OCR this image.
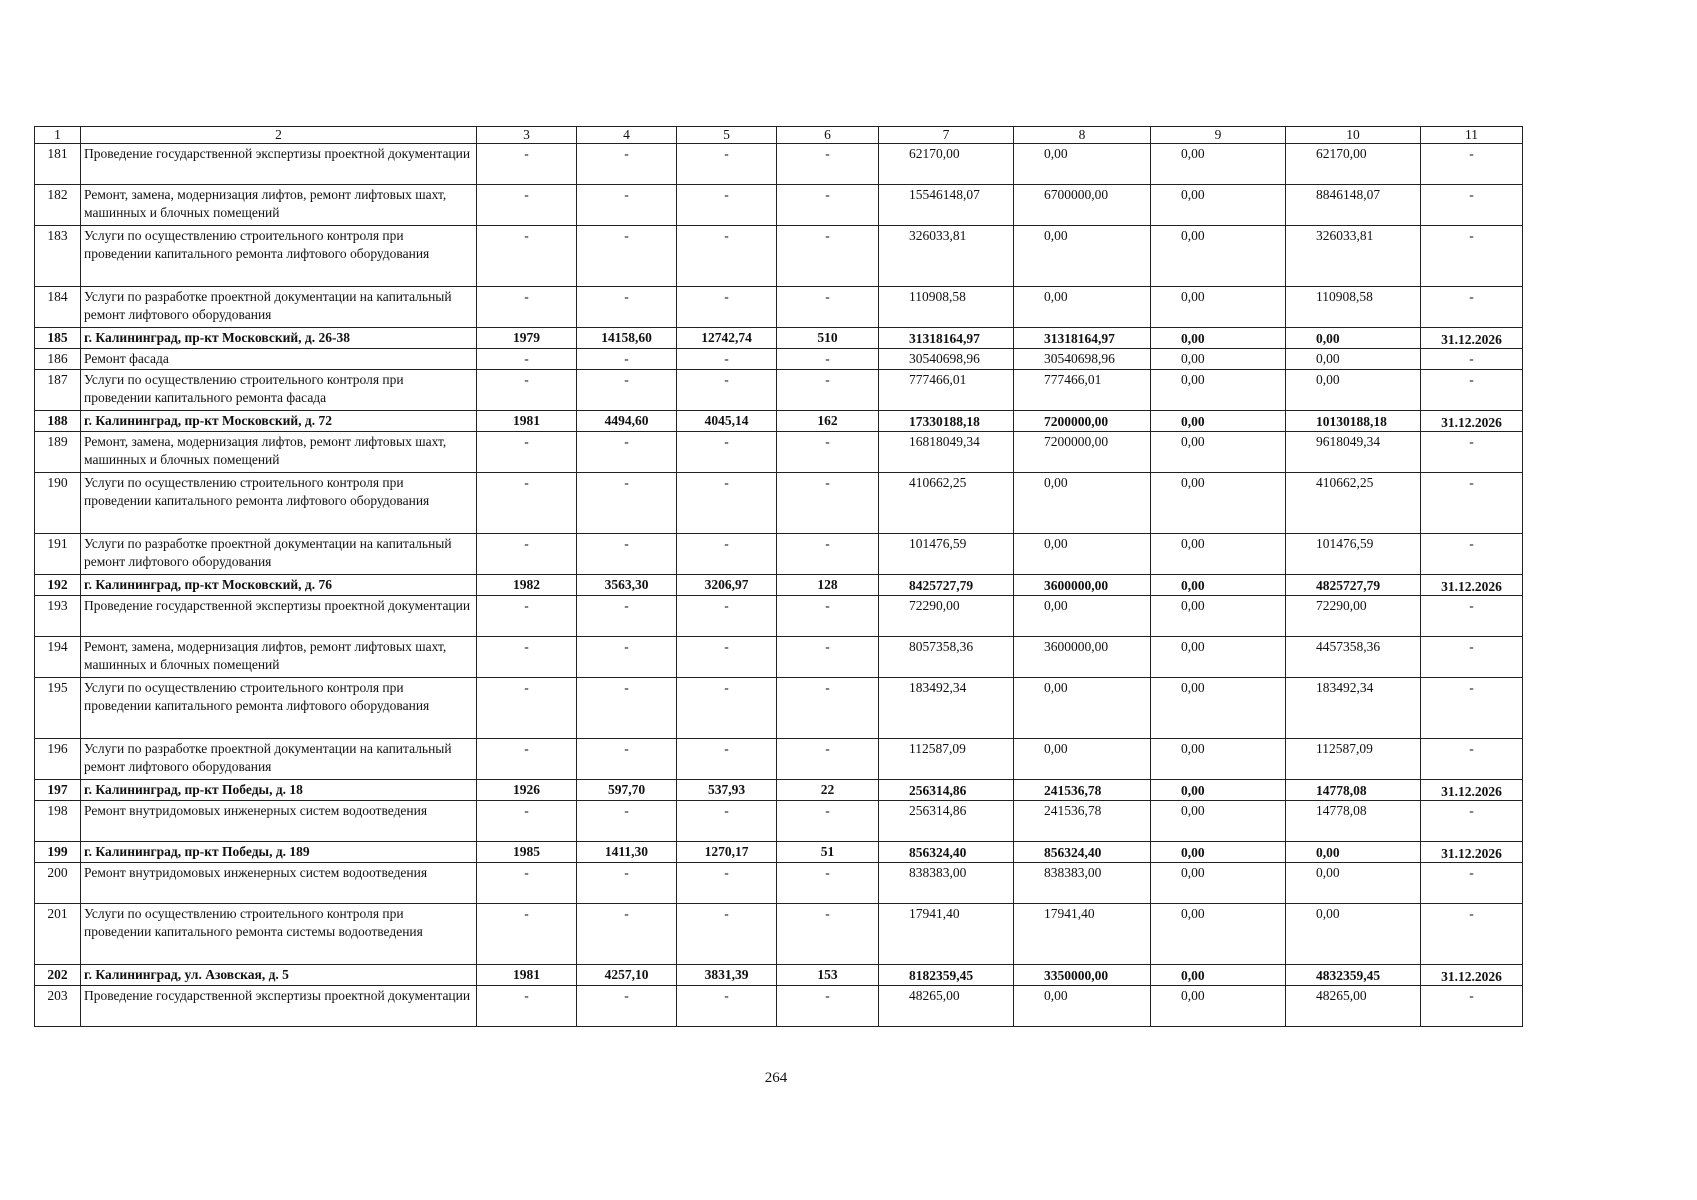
1	2	3	4	5	6	7	8	9	10	11
181	Проведение государственной экспертизы проектной документации	-	-	-	-	62170,00	0,00	0,00	62170,00	-
182	Ремонт, замена, модернизация лифтов, ремонт лифтовых шахт, машинных и блочных помещений	-	-	-	-	15546148,07	6700000,00	0,00	8846148,07	-
183	Услуги по осуществлению строительного контроля при проведении капитального ремонта лифтового оборудования	-	-	-	-	326033,81	0,00	0,00	326033,81	-
184	Услуги по разработке проектной документации на капитальный ремонт лифтового оборудования	-	-	-	-	110908,58	0,00	0,00	110908,58	-
185	г. Калининград, пр-кт Московский, д. 26-38	1979	14158,60	12742,74	510	31318164,97	31318164,97	0,00	0,00	31.12.2026
186	Ремонт фасада	-	-	-	-	30540698,96	30540698,96	0,00	0,00	-
187	Услуги по осуществлению строительного контроля при проведении капитального ремонта фасада	-	-	-	-	777466,01	777466,01	0,00	0,00	-
188	г. Калининград, пр-кт Московский, д. 72	1981	4494,60	4045,14	162	17330188,18	7200000,00	0,00	10130188,18	31.12.2026
189	Ремонт, замена, модернизация лифтов, ремонт лифтовых шахт, машинных и блочных помещений	-	-	-	-	16818049,34	7200000,00	0,00	9618049,34	-
190	Услуги по осуществлению строительного контроля при проведении капитального ремонта лифтового оборудования	-	-	-	-	410662,25	0,00	0,00	410662,25	-
191	Услуги по разработке проектной документации на капитальный ремонт лифтового оборудования	-	-	-	-	101476,59	0,00	0,00	101476,59	-
192	г. Калининград, пр-кт Московский, д. 76	1982	3563,30	3206,97	128	8425727,79	3600000,00	0,00	4825727,79	31.12.2026
193	Проведение государственной экспертизы проектной документации	-	-	-	-	72290,00	0,00	0,00	72290,00	-
194	Ремонт, замена, модернизация лифтов, ремонт лифтовых шахт, машинных и блочных помещений	-	-	-	-	8057358,36	3600000,00	0,00	4457358,36	-
195	Услуги по осуществлению строительного контроля при проведении капитального ремонта лифтового оборудования	-	-	-	-	183492,34	0,00	0,00	183492,34	-
196	Услуги по разработке проектной документации на капитальный ремонт лифтового оборудования	-	-	-	-	112587,09	0,00	0,00	112587,09	-
197	г. Калининград, пр-кт Победы, д. 18	1926	597,70	537,93	22	256314,86	241536,78	0,00	14778,08	31.12.2026
198	Ремонт внутридомовых инженерных систем водоотведения	-	-	-	-	256314,86	241536,78	0,00	14778,08	-
199	г. Калининград, пр-кт Победы, д. 189	1985	1411,30	1270,17	51	856324,40	856324,40	0,00	0,00	31.12.2026
200	Ремонт внутридомовых инженерных систем водоотведения	-	-	-	-	838383,00	838383,00	0,00	0,00	-
201	Услуги по осуществлению строительного контроля при проведении капитального ремонта системы водоотведения	-	-	-	-	17941,40	17941,40	0,00	0,00	-
202	г. Калининград, ул. Азовская, д. 5	1981	4257,10	3831,39	153	8182359,45	3350000,00	0,00	4832359,45	31.12.2026
203	Проведение государственной экспертизы проектной документации	-	-	-	-	48265,00	0,00	0,00	48265,00	-
264
